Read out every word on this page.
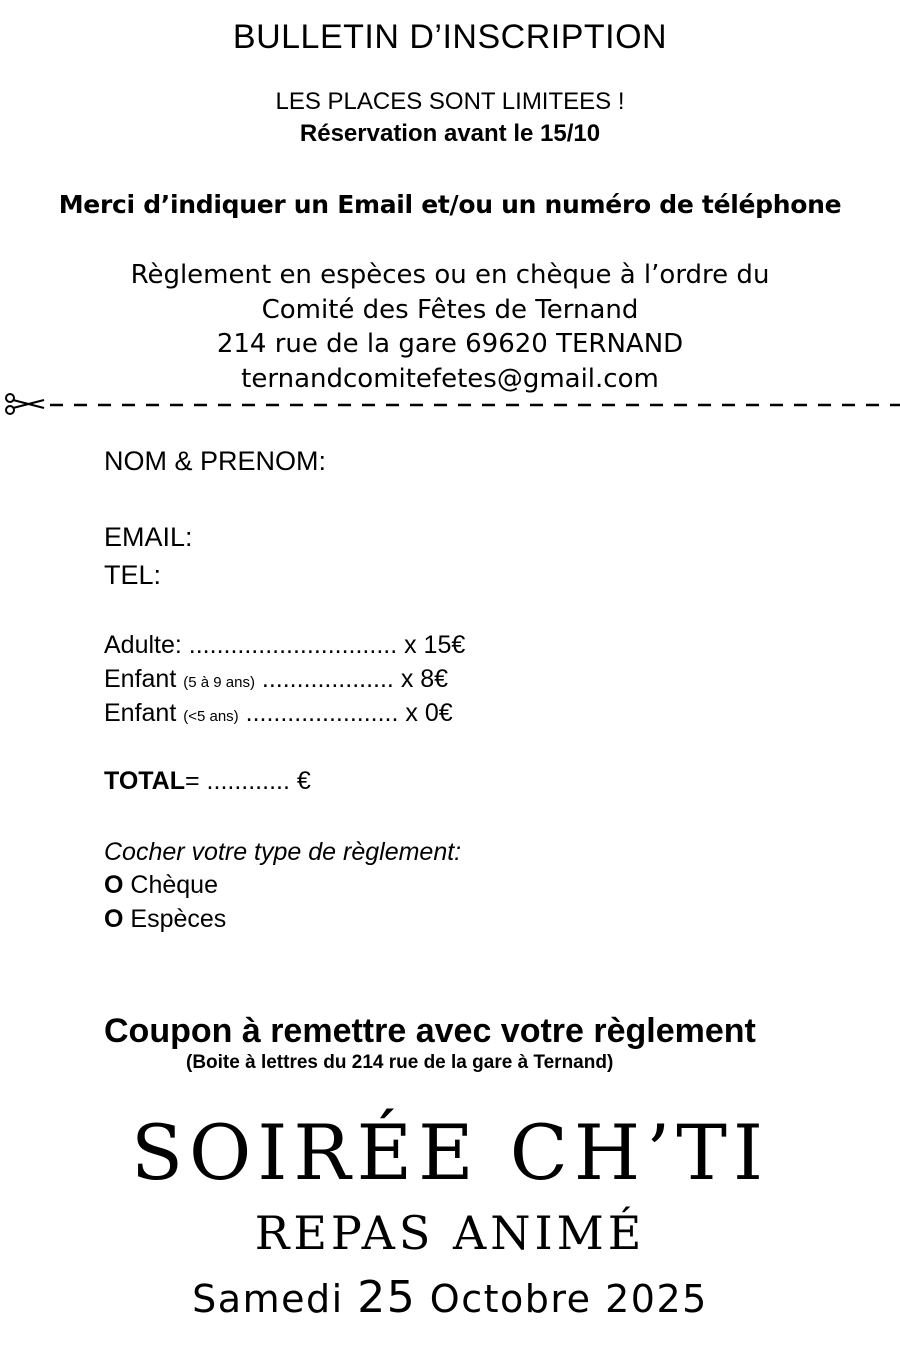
BULLETIN D’INSCRIPTION
LES PLACES SONT LIMITEES !
Réservation avant le 15/10
Merci d’indiquer un Email et/ou un numéro de téléphone
Règlement en espèces ou en chèque à l’ordre du
Comité des Fêtes de Ternand
214 rue de la gare 69620 TERNAND
ternandcomitefetes@gmail.com
NOM & PRENOM:
EMAIL:
TEL:
Adulte: .............................. x 15€
Enfant (5 à 9 ans) ................... x 8€
Enfant (<5 ans) ...................... x 0€
TOTAL= ............ €
Cocher votre type de règlement:
O Chèque
O Espèces
Coupon à remettre avec votre règlement
(Boite à lettres du 214 rue de la gare à Ternand)
SOIRÉE CH’TI
REPAS ANIMÉ
Samedi 25 Octobre 2025
